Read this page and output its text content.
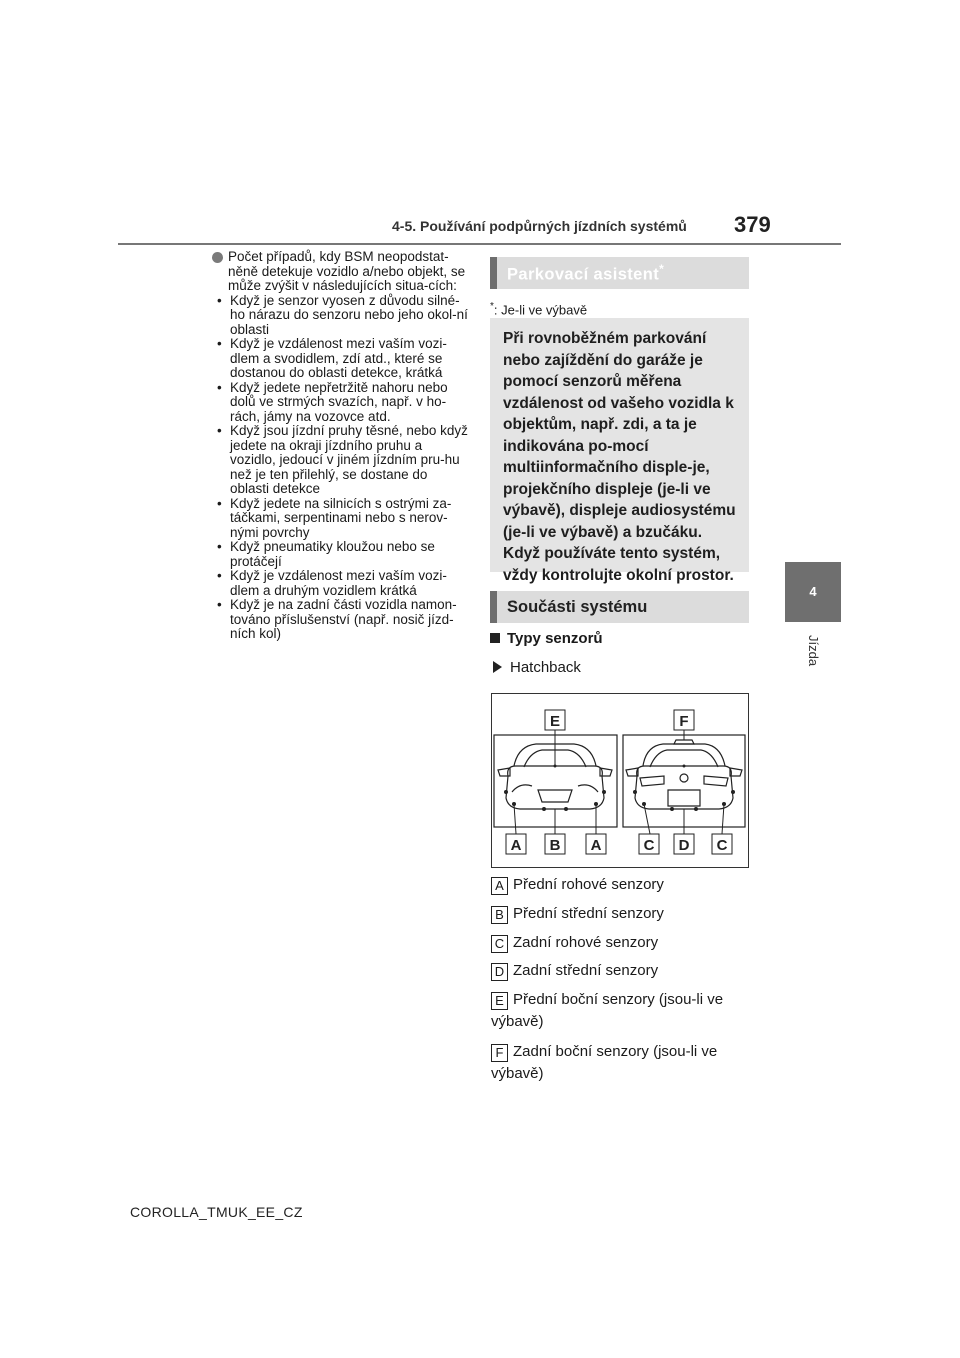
4-5. Používání podpůrných jízdních systémů 379
4
Jízda
Počet případů, kdy BSM neopodstat-něně detekuje vozidlo a/nebo objekt, se může zvýšit v následujících situa-cích:
• Když je senzor vyosen z důvodu silné-ho nárazu do senzoru nebo jeho okol-ní oblasti
• Když je vzdálenost mezi vaším vozi-dlem a svodidlem, zdí atd., které se dostanou do oblasti detekce, krátká
• Když jedete nepřetržitě nahoru nebo dolů ve strmých svazích, např. v ho-rách, jámy na vozovce atd.
• Když jsou jízdní pruhy těsné, nebo když jedete na okraji jízdního pruhu a vozidlo, jedoucí v jiném jízdním pru-hu než je ten přilehlý, se dostane do oblasti detekce
• Když jedete na silnicích s ostrými za-táčkami, serpentinami nebo s nerov-nými povrchy
• Když pneumatiky kloužou nebo se protáčejí
• Když je vzdálenost mezi vaším vozi-dlem a druhým vozidlem krátká
• Když je na zadní části vozidla namon-továno příslušenství (např. nosič jízd-ních kol)
Parkovací asistent*
*: Je-li ve výbavě
Při rovnoběžném parkování nebo zajíždění do garáže je pomocí senzorů měřena vzdálenost od vašeho vozidla k objektům, např. zdi, a ta je indikována po-mocí multiinformačního disple-je, projekčního displeje (je-li ve výbavě), displeje audiosystému (je-li ve výbavě) a bzučáku. Když používáte tento systém, vždy kontrolujte okolní prostor.
Součásti systému
Typy senzorů
Hatchback
E	F
A B A	C D C
A Přední rohové senzory
B Přední střední senzory
C Zadní rohové senzory
D Zadní střední senzory
E Přední boční senzory (jsou-li ve výbavě)
F Zadní boční senzory (jsou-li ve výbavě)
COROLLA_TMUK_EE_CZ
